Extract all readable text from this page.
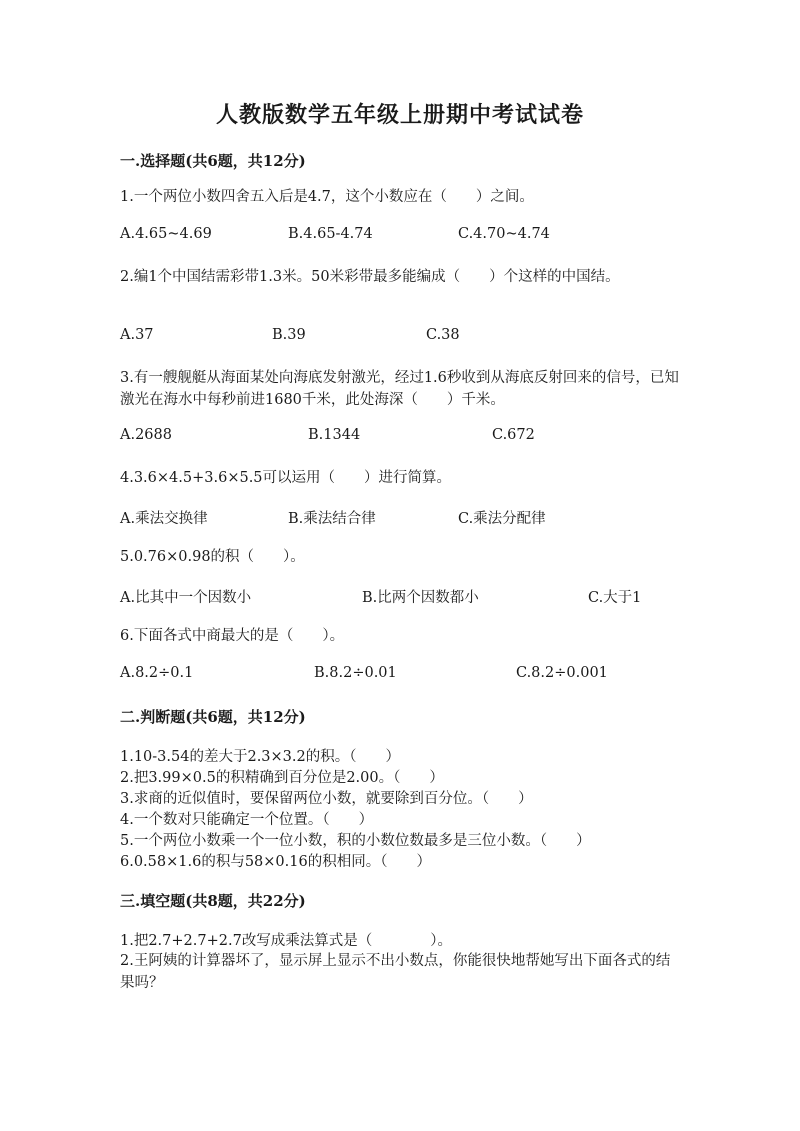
人教版数学五年级上册期中考试试卷
一.选择题(共6题，共12分)
1.一个两位小数四舍五入后是4.7，这个小数应在（　　）之间。
A.4.65~4.69	B.4.65-4.74	C.4.70~4.74
2.编1个中国结需彩带1.3米。50米彩带最多能编成（　　）个这样的中国结。
A.37	B.39	C.38
3.有一艘舰艇从海面某处向海底发射激光，经过1.6秒收到从海底反射回来的信号，已知激光在海水中每秒前进1680千米，此处海深（　　）千米。
A.2688	B.1344	C.672
4.3.6×4.5+3.6×5.5可以运用（　　）进行简算。
A.乘法交换律	B.乘法结合律	C.乘法分配律
5.0.76×0.98的积（　　）。
A.比其中一个因数小	B.比两个因数都小	C.大于1
6.下面各式中商最大的是（　　）。
A.8.2÷0.1	B.8.2÷0.01	C.8.2÷0.001
二.判断题(共6题，共12分)
1.10-3.54的差大于2.3×3.2的积。（　　）
2.把3.99×0.5的积精确到百分位是2.00。（　　）
3.求商的近似值时，要保留两位小数，就要除到百分位。（　　）
4.一个数对只能确定一个位置。（　　）
5.一个两位小数乘一个一位小数，积的小数位数最多是三位小数。（　　）
6.0.58×1.6的积与58×0.16的积相同。（　　）
三.填空题(共8题，共22分)
1.把2.7+2.7+2.7改写成乘法算式是（　　　　）。
2.王阿姨的计算器坏了，显示屏上显示不出小数点，你能很快地帮她写出下面各式的结果吗？
